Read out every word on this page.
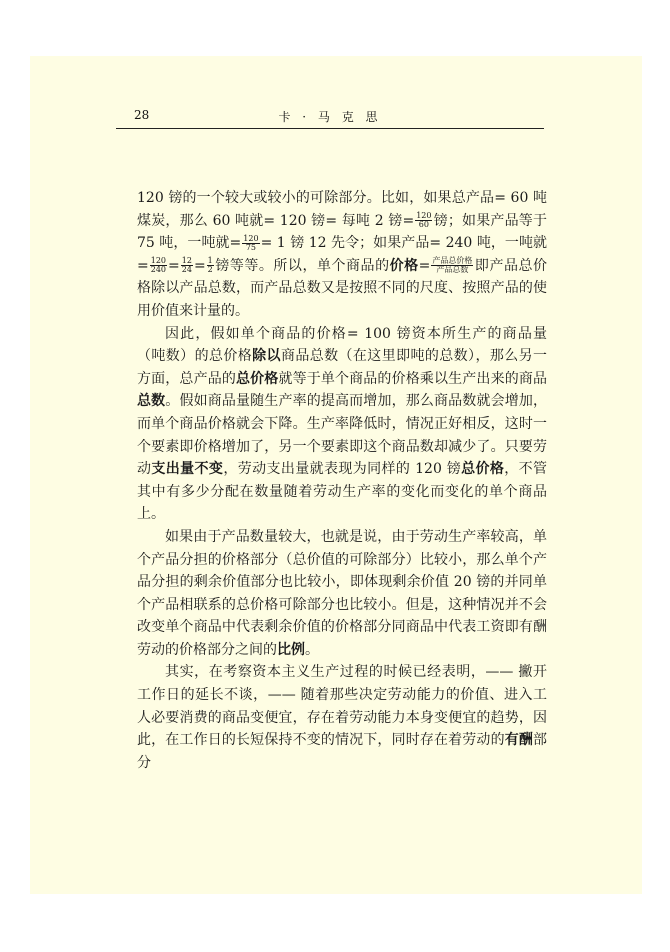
28	卡 · 马 克 思

120 镑的一个较大或较小的可除部分。比如，如果总产品= 60 吨煤炭，那么 60 吨就= 120 镑= 每吨 2 镑= $\frac{120}{60}$ 镑；如果产品等于 75 吨，一吨就= $\frac{120}{75} = 1$ 镑 12 先令；如果产品= 240 吨，一吨就= $\frac{120}{240} = \frac{12}{24} = \frac{1}{2}$ 镑等等。所以，单个商品的价格= $\frac{\text{产品总价格}}{\text{产品总数}}$ 即产品总价格除以产品总数，而产品总数又是按照不同的尺度、按照产品的使用价值来计量的。

因此，假如单个商品的价格= 100 镑资本所生产的商品量（吨数）的总价格除以商品总数（在这里即吨的总数），那么另一方面，总产品的总价格就等于单个商品的价格乘以生产出来的商品总数。假如商品量随生产率的提高而增加，那么商品数就会增加，而单个商品价格就会下降。生产率降低时，情况正好相反，这时一个要素即价格增加了，另一个要素即这个商品数却减少了。只要劳动支出量不变，劳动支出量就表现为同样的 120 镑总价格，不管其中有多少分配在数量随着劳动生产率的变化而变化的单个商品上。

如果由于产品数量较大，也就是说，由于劳动生产率较高，单个产品分担的价格部分（总价值的可除部分）比较小，那么单个产品分担的剩余价值部分也比较小，即体现剩余价值 20 镑的并同单个产品相联系的总价格可除部分也比较小。但是，这种情况并不会改变单个商品中代表剩余价值的价格部分同商品中代表工资即有酬劳动的价格部分之间的比例。

其实，在考察资本主义生产过程的时候已经表明，—— 撇开工作日的延长不谈，—— 随着那些决定劳动能力的价值、进入工人必要消费的商品变便宜，存在着劳动能力本身变便宜的趋势，因此，在工作日的长短保持不变的情况下，同时存在着劳动的有酬部分
